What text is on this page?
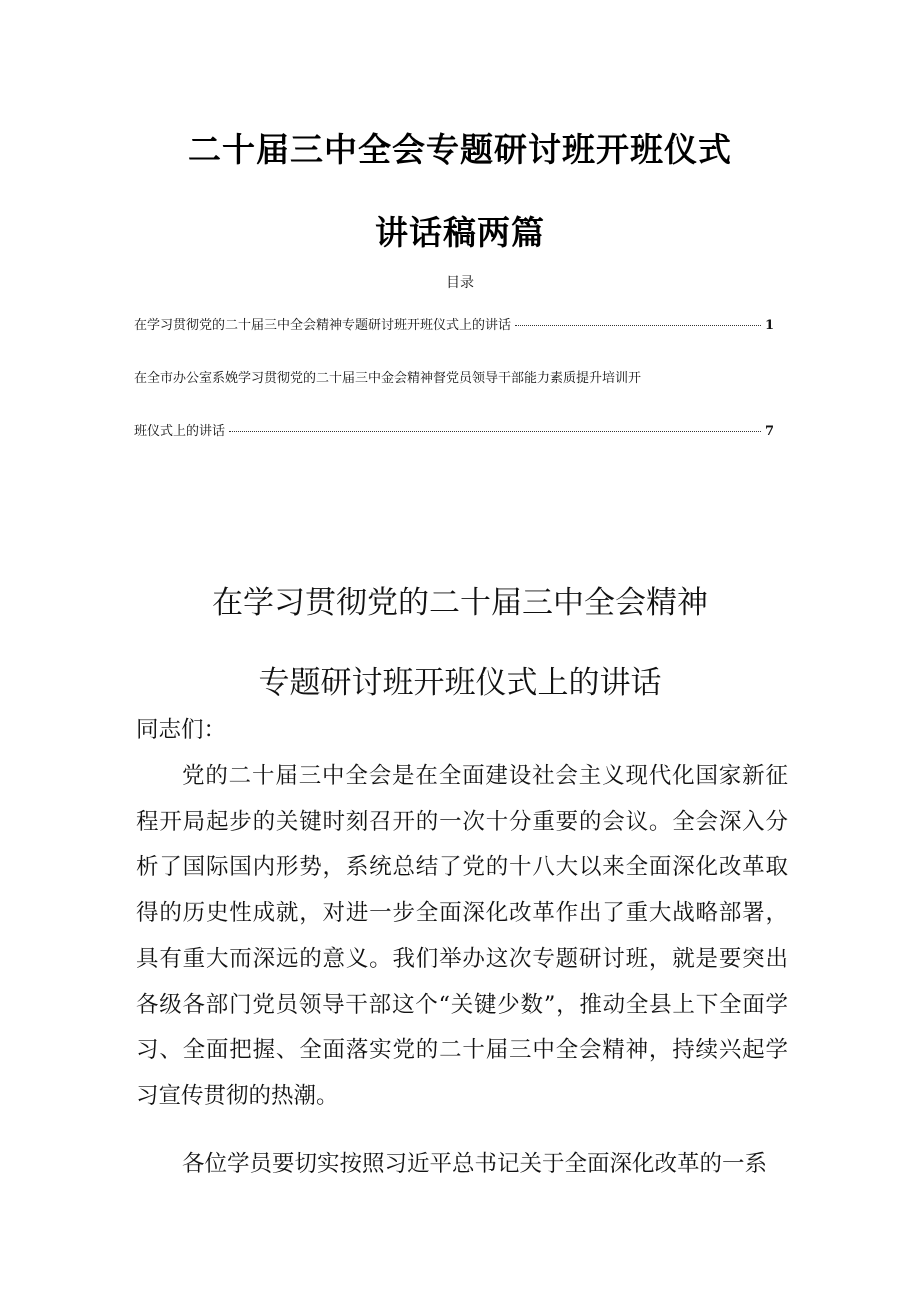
二十届三中全会专题研讨班开班仪式
讲话稿两篇
目录
在学习贯彻党的二十届三中全会精神专题研讨班开班仪式上的讲话	1
在全市办公室系娩学习贯彻党的二十届三中金会精神督党员领导干部能力素质提升培训开
班仪式上的讲话	7
在学习贯彻党的二十届三中全会精神
专题研讨班开班仪式上的讲话

同志们：

党的二十届三中全会是在全面建设社会主义现代化国家新征程开局起步的关键时刻召开的一次十分重要的会议。全会深入分析了国际国内形势，系统总结了党的十八大以来全面深化改革取得的历史性成就，对进一步全面深化改革作出了重大战略部署，具有重大而深远的意义。我们举办这次专题研讨班，就是要突出各级各部门党员领导干部这个“关键少数”，推动全县上下全面学习、全面把握、全面落实党的二十届三中全会精神，持续兴起学习宣传贯彻的热潮。

各位学员要切实按照习近平总书记关于全面深化改革的一系
